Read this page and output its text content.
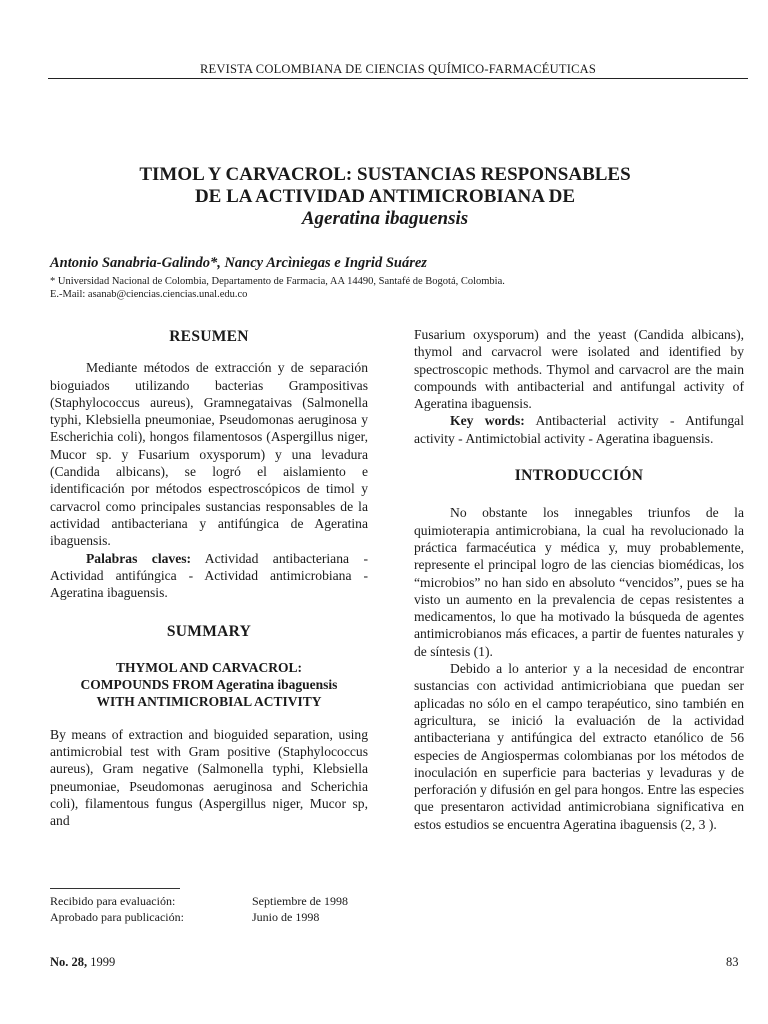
REVISTA COLOMBIANA DE CIENCIAS QUÍMICO-FARMACÉUTICAS
TIMOL Y CARVACROL: SUSTANCIAS RESPONSABLES
DE LA ACTIVIDAD ANTIMICROBIANA DE
Ageratina ibaguensis
Antonio Sanabria-Galindo*, Nancy Arcìniegas e Ingrid Suárez
* Universidad Nacional de Colombia, Departamento de Farmacia, AA 14490, Santafé de Bogotá, Colombia.
E.-Mail: asanab@ciencias.ciencias.unal.edu.co
RESUMEN

Mediante métodos de extracción y de separación bioguiados utilizando bacterias Grampositivas (Staphylococcus aureus), Gramnegataivas (Salmonella typhi, Klebsiella pneumoniae, Pseudomonas aeruginosa y Escherichia coli), hongos filamentosos (Aspergillus niger, Mucor sp. y Fusarium oxysporum) y una levadura (Candida albicans), se logró el aislamiento e identificación por métodos espectroscópicos de timol y carvacrol como principales sustancias responsables de la actividad antibacteriana y antifúngica de Ageratina ibaguensis.

Palabras claves: Actividad antibacteriana - Actividad antifúngica - Actividad antimicrobiana - Ageratina ibaguensis.

SUMMARY
THYMOL AND CARVACROL:
COMPOUNDS FROM Ageratina ibaguensis
WITH ANTIMICROBIAL ACTIVITY

By means of extraction and bioguided separation, using antimicrobial test with Gram positive (Staphylococcus aureus), Gram negative (Salmonella typhi, Klebsiella pneumoniae, Pseudomonas aeruginosa and Scherichia coli), filamentous fungus (Aspergillus niger, Mucor sp, and

Fusarium oxysporum) and the yeast (Candida albicans), thymol and carvacrol were isolated and identified by spectroscopic methods. Thymol and carvacrol are the main compounds with antibacterial and antifungal activity of Ageratina ibaguensis.

Key words: Antibacterial activity - Antifungal activity - Antimictobial activity - Ageratina ibaguensis.

INTRODUCCIÓN

No obstante los innegables triunfos de la quimioterapia antimicrobiana, la cual ha revolucionado la práctica farmacéutica y médica y, muy probablemente, represente el principal logro de las ciencias biomédicas, los “microbios” no han sido en absoluto “vencidos”, pues se ha visto un aumento en la prevalencia de cepas resistentes a medicamentos, lo que ha motivado la búsqueda de agentes antimicrobianos más eficaces, a partir de fuentes naturales y de síntesis (1).

Debido a lo anterior y a la necesidad de encontrar sustancias con actividad antimicriobiana que puedan ser aplicadas no sólo en el campo terapéutico, sino también en agricultura, se inició la evaluación de la actividad antibacteriana y antifúngica del extracto etanólico de 56 especies de Angiospermas colombianas por los métodos de inoculación en superficie para bacterias y levaduras y de perforación y difusión en gel para hongos. Entre las especies que presentaron actividad antimicrobiana significativa en estos estudios se encuentra Ageratina ibaguensis (2, 3 ).

Recibido para evaluación:	Septiembre de 1998
Aprobado para publicación:	Junio de 1998
No. 28, 1999	83
